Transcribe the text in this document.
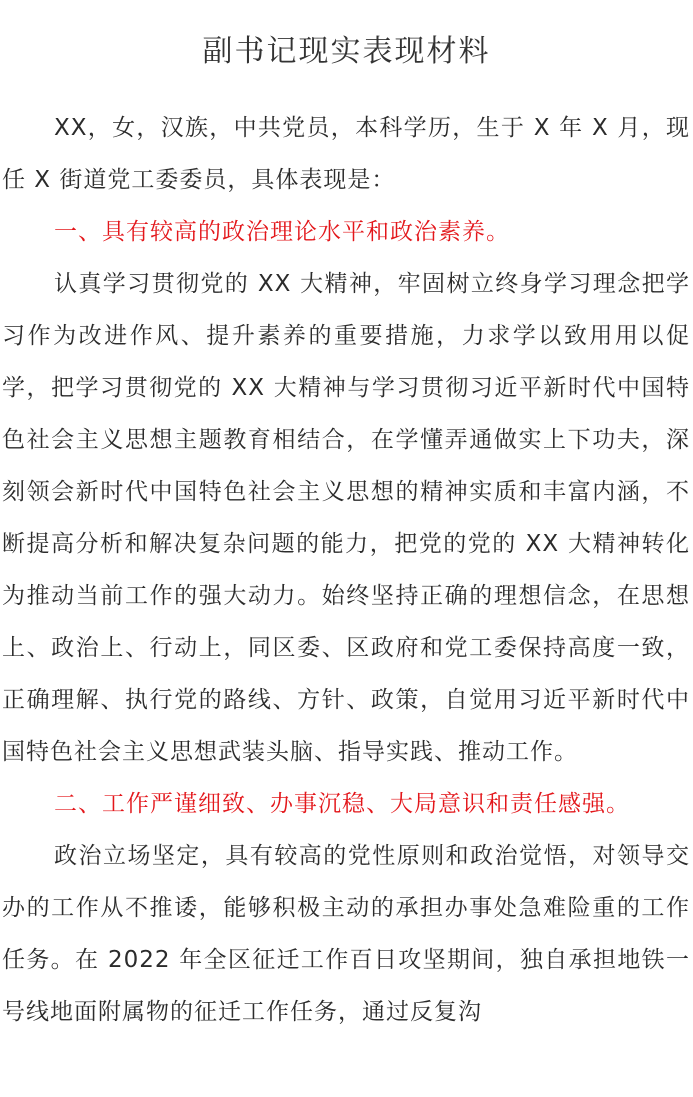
副书记现实表现材料

XX，女，汉族，中共党员，本科学历，生于 X 年 X 月，现任 X 街道党工委委员，具体表现是：

一、具有较高的政治理论水平和政治素养。

认真学习贯彻党的 XX 大精神，牢固树立终身学习理念把学习作为改进作风、提升素养的重要措施，力求学以致用用以促学，把学习贯彻党的 XX 大精神与学习贯彻习近平新时代中国特色社会主义思想主题教育相结合，在学懂弄通做实上下功夫，深刻领会新时代中国特色社会主义思想的精神实质和丰富内涵，不断提高分析和解决复杂问题的能力，把党的党的 XX 大精神转化为推动当前工作的强大动力。始终坚持正确的理想信念，在思想上、政治上、行动上，同区委、区政府和党工委保持高度一致，正确理解、执行党的路线、方针、政策，自觉用习近平新时代中国特色社会主义思想武装头脑、指导实践、推动工作。

二、工作严谨细致、办事沉稳、大局意识和责任感强。

政治立场坚定，具有较高的党性原则和政治觉悟，对领导交办的工作从不推诿，能够积极主动的承担办事处急难险重的工作任务。在 2022 年全区征迁工作百日攻坚期间，独自承担地铁一号线地面附属物的征迁工作任务，通过反复沟
